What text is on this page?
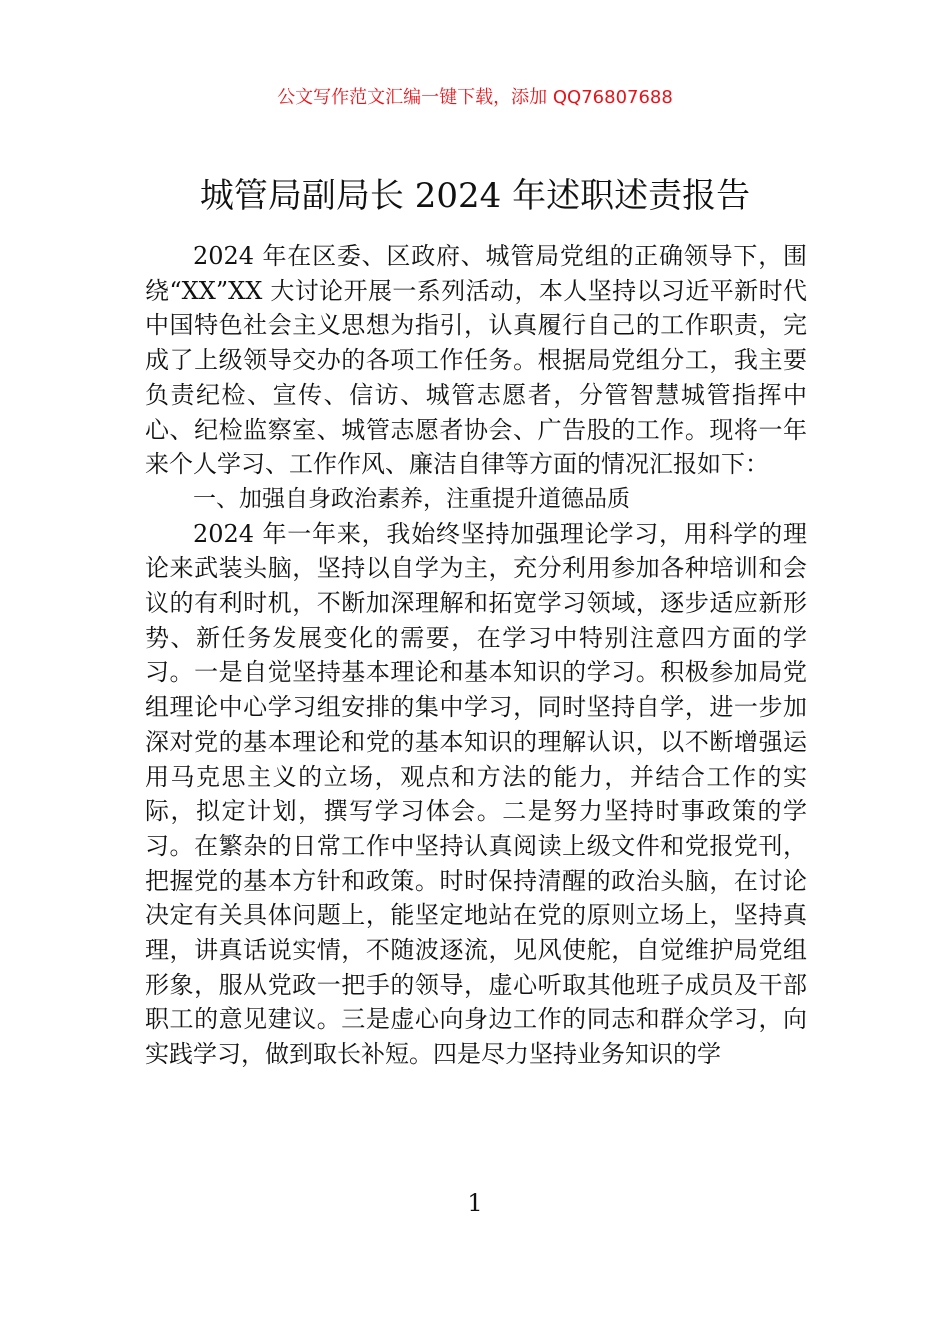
公文写作范文汇编一键下载，添加 QQ76807688
城管局副局长 2024 年述职述责报告

2024 年在区委、区政府、城管局党组的正确领导下，围绕“XX”XX 大讨论开展一系列活动，本人坚持以习近平新时代中国特色社会主义思想为指引，认真履行自己的工作职责，完成了上级领导交办的各项工作任务。根据局党组分工，我主要负责纪检、宣传、信访、城管志愿者，分管智慧城管指挥中心、纪检监察室、城管志愿者协会、广告股的工作。现将一年来个人学习、工作作风、廉洁自律等方面的情况汇报如下：

一、加强自身政治素养，注重提升道德品质

2024 年一年来，我始终坚持加强理论学习，用科学的理论来武装头脑，坚持以自学为主，充分利用参加各种培训和会议的有利时机，不断加深理解和拓宽学习领域，逐步适应新形势、新任务发展变化的需要，在学习中特别注意四方面的学习。一是自觉坚持基本理论和基本知识的学习。积极参加局党组理论中心学习组安排的集中学习，同时坚持自学，进一步加深对党的基本理论和党的基本知识的理解认识，以不断增强运用马克思主义的立场，观点和方法的能力，并结合工作的实际，拟定计划，撰写学习体会。二是努力坚持时事政策的学习。在繁杂的日常工作中坚持认真阅读上级文件和党报党刊，把握党的基本方针和政策。时时保持清醒的政治头脑，在讨论决定有关具体问题上，能坚定地站在党的原则立场上，坚持真理，讲真话说实情，不随波逐流，见风使舵，自觉维护局党组形象，服从党政一把手的领导，虚心听取其他班子成员及干部职工的意见建议。三是虚心向身边工作的同志和群众学习，向实践学习，做到取长补短。四是尽力坚持业务知识的学

1
